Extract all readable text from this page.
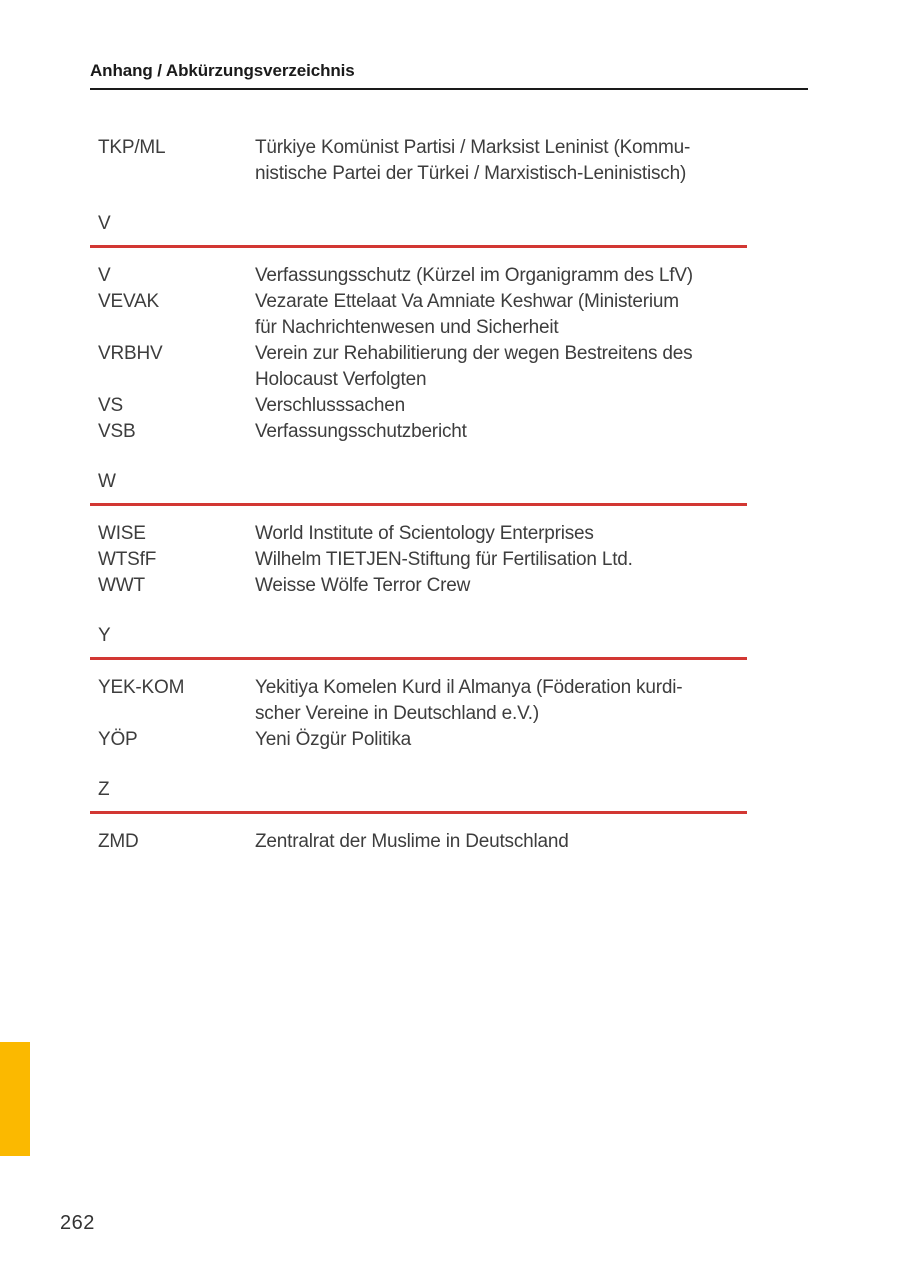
Anhang / Abkürzungsverzeichnis
TKP/ML	Türkiye Komünist Partisi / Marksist Leninist (Kommu-
nistische Partei der Türkei / Marxistisch-Leninistisch)
V
V	Verfassungsschutz (Kürzel im Organigramm des LfV)
VEVAK	Vezarate Ettelaat Va Amniate Keshwar (Ministerium
für Nachrichtenwesen und Sicherheit
VRBHV	Verein zur Rehabilitierung der wegen Bestreitens des
Holocaust Verfolgten
VS	Verschlusssachen
VSB	Verfassungsschutzbericht
W
WISE	World Institute of Scientology Enterprises
WTSfF	Wilhelm TIETJEN-Stiftung für Fertilisation Ltd.
WWT	Weisse Wölfe Terror Crew
Y
YEK-KOM	Yekitiya Komelen Kurd il Almanya (Föderation kurdi-
scher Vereine in Deutschland e.V.)
YÖP	Yeni Özgür Politika
Z
ZMD	Zentralrat der Muslime in Deutschland
262
